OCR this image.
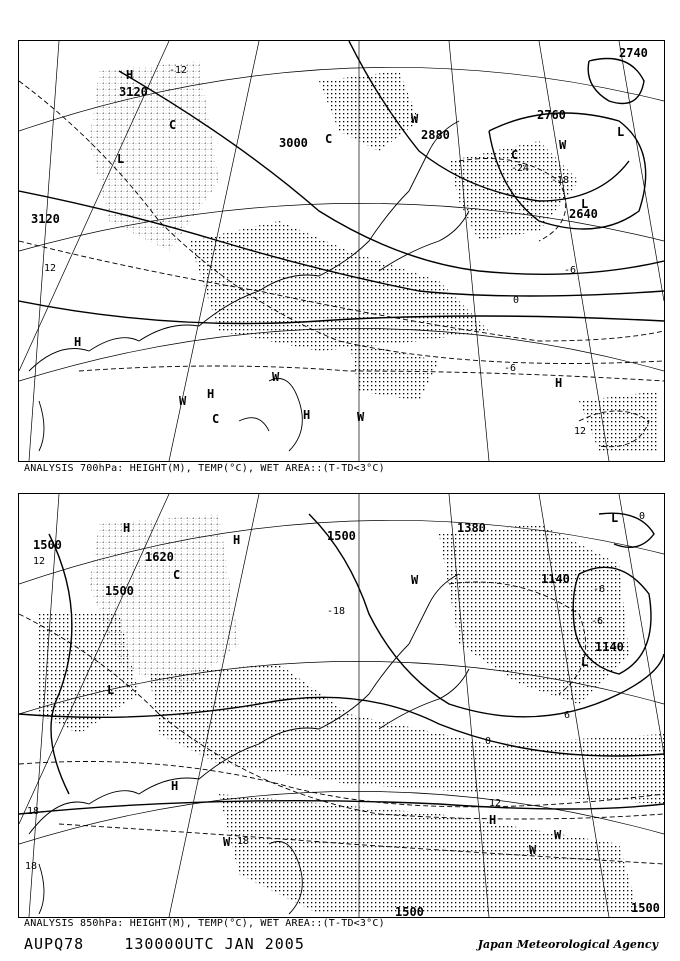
3120
3120
3000
2880
2760
2640
2740
-12
12
-24
-18
-6
0
-6
12
H
L
C
H
H
W
C	H	W
H
L
L
W
C
W
W
C
ANALYSIS 700hPa: HEIGHT(M), TEMP(°C), WET AREA::(T-TD<3°C)
1500
1620
1500
1500
1380
1140
1140
1500	1500
12
18
18
-6
0
6
12
-18
0
-6
18
H
L
H
C
W
H
W
H
L
W
L
W
ANALYSIS 850hPa: HEIGHT(M), TEMP(°C), WET AREA::(T-TD<3°C)
AUPQ78	130000UTC JAN 2005	Japan Meteorological Agency
